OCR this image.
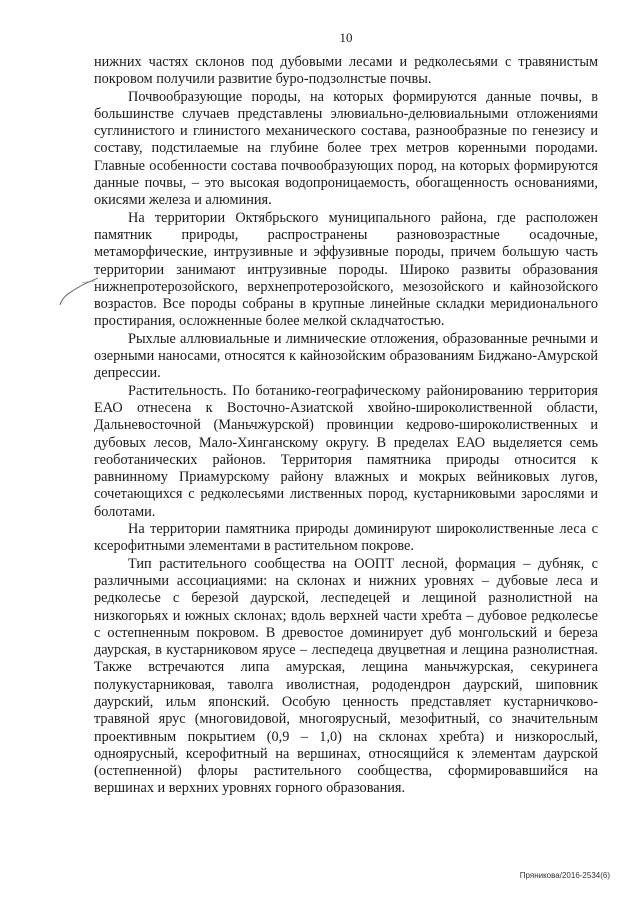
10

нижних частях склонов под дубовыми лесами и редколесьями с травянистым покровом получили развитие буро-подзолнстые почвы.

Почвообразующие породы, на которых формируются данные почвы, в большинстве случаев представлены элювиально-делювиальными отложениями суглинистого и глинистого механического состава, разнообразные по генезису и составу, подстилаемые на глубине более трех метров коренными породами. Главные особенности состава почвообразующих пород, на которых формируются данные почвы, – это высокая водопроницаемость, обогащенность основаниями, окисями железа и алюминия.

На территории Октябрьского муниципального района, где расположен памятник природы, распространены разновозрастные осадочные, метаморфические, интрузивные и эффузивные породы, причем большую часть территории занимают интрузивные породы. Широко развиты образования нижнепротерозойского, верхнепротерозойского, мезозойского и кайнозойского возрастов. Все породы собраны в крупные линейные складки меридионального простирания, осложненные более мелкой складчатостью.

Рыхлые аллювиальные и лимнические отложения, образованные речными и озерными наносами, относятся к кайнозойским образованиям Биджано-Амурской депрессии.

Растительность. По ботанико-географическому районированию территория ЕАО отнесена к Восточно-Азиатской хвойно-широколиственной области, Дальневосточной (Маньчжурской) провинции кедрово-широколиственных и дубовых лесов, Мало-Хинганскому округу. В пределах ЕАО выделяется семь геоботанических районов. Территория памятника природы относится к равнинному Приамурскому району влажных и мокрых вейниковых лугов, сочетающихся с редколесьями лиственных пород, кустарниковыми зарослями и болотами.

На территории памятника природы доминируют широколиственные леса с ксерофитными элементами в растительном покрове.

Тип растительного сообщества на ООПТ лесной, формация – дубняк, с различными ассоциациями: на склонах и нижних уровнях – дубовые леса и редколесье с березой даурской, леспедецей и лещиной разнолистной на низкогорьях и южных склонах; вдоль верхней части хребта – дубовое редколесье с остепненным покровом. В древостое доминирует дуб монгольский и береза даурская, в кустарниковом ярусе – леспедеца двуцветная и лещина разнолистная. Также встречаются липа амурская, лещина маньчжурская, секуринега полукустарниковая, таволга иволистная, рододендрон даурский, шиповник даурский, ильм японский. Особую ценность представляет кустарничково-травяной ярус (многовидовой, многоярусный, мезофитный, со значительным проективным покрытием (0,9 – 1,0) на склонах хребта) и низкорослый, одноярусный, ксерофитный на вершинах, относящийся к элементам даурской (остепненной) флоры растительного сообщества, сформировавшийся на вершинах и верхних уровнях горного образования.

Пряникова/2016-2534(6)
